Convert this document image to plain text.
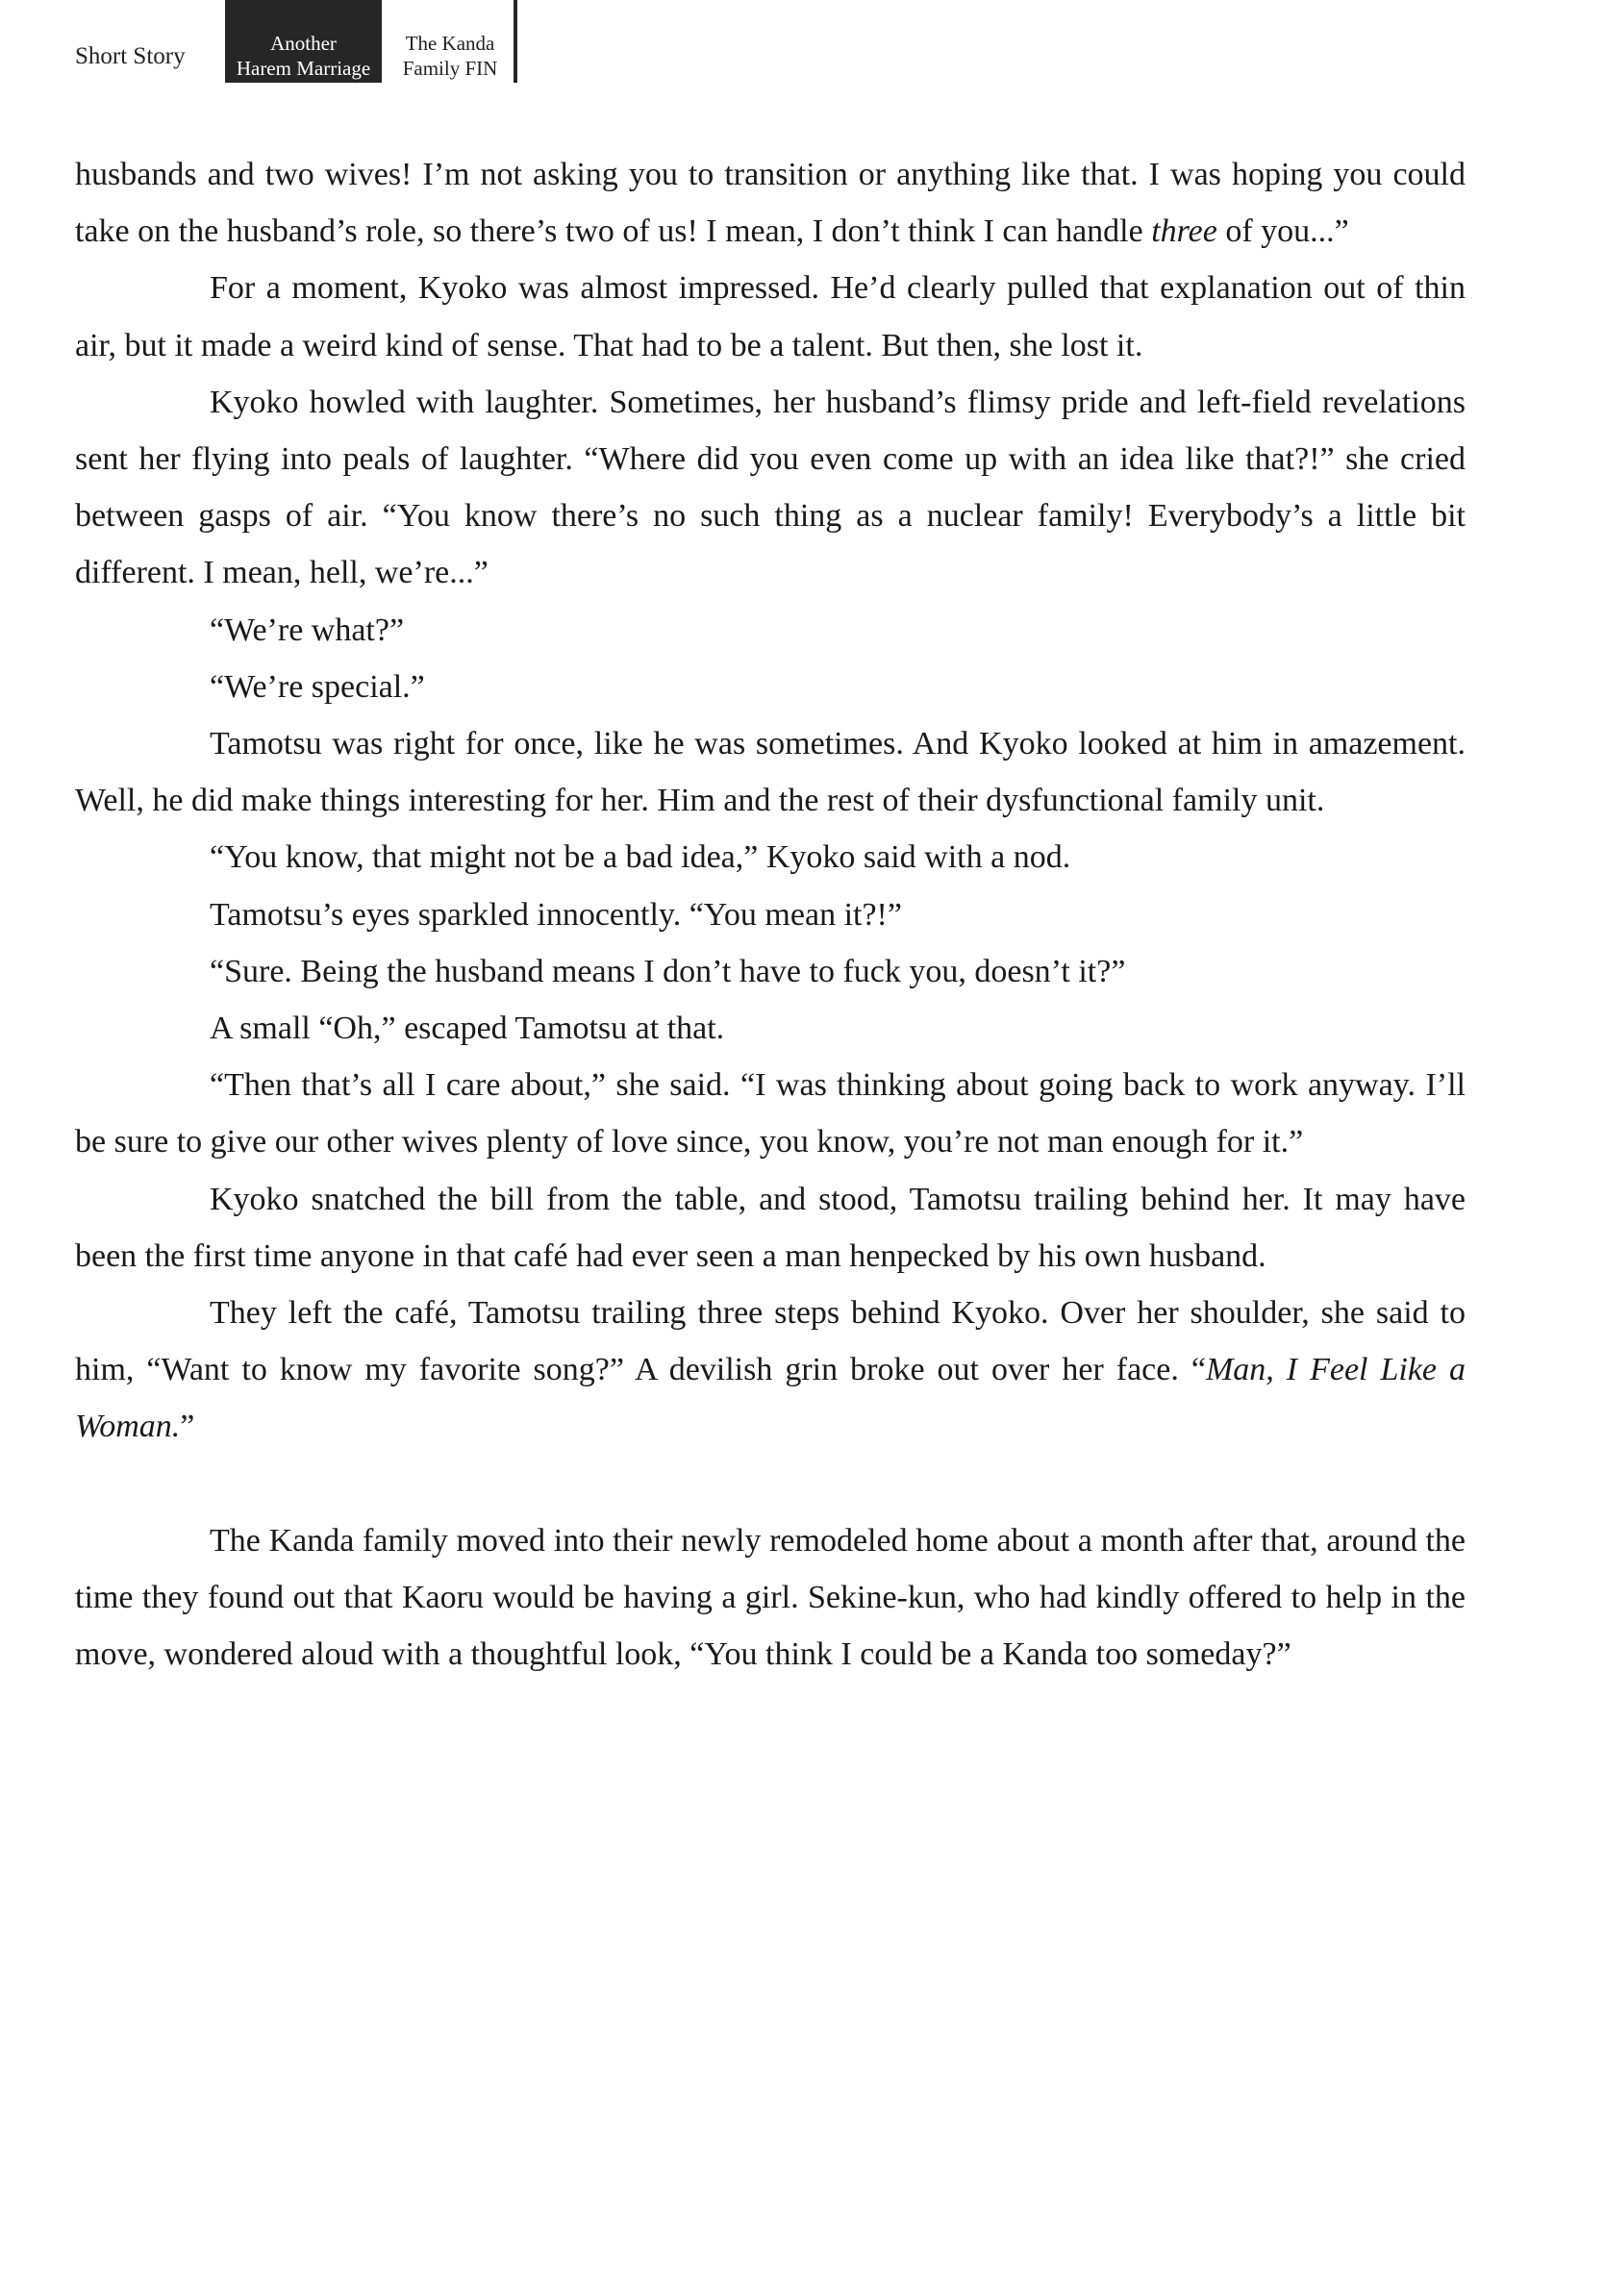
Short Story	Another
Harem Marriage
The Kanda
Family FIN

husbands and two wives! I’m not asking you to transition or anything like that. I was hoping you could take on the husband’s role, so there’s two of us! I mean, I don’t think I can handle three of you...”

For a moment, Kyoko was almost impressed. He’d clearly pulled that explanation out of thin air, but it made a weird kind of sense. That had to be a talent. But then, she lost it.

Kyoko howled with laughter. Sometimes, her husband’s flimsy pride and left-field revelations sent her flying into peals of laughter. “Where did you even come up with an idea like that?!” she cried between gasps of air. “You know there’s no such thing as a nuclear family! Everybody’s a little bit different. I mean, hell, we’re...”

“We’re what?”

“We’re special.”

Tamotsu was right for once, like he was sometimes. And Kyoko looked at him in amazement. Well, he did make things interesting for her. Him and the rest of their dysfunctional family unit.

“You know, that might not be a bad idea,” Kyoko said with a nod.

Tamotsu’s eyes sparkled innocently. “You mean it?!”

“Sure. Being the husband means I don’t have to fuck you, doesn’t it?”

A small “Oh,” escaped Tamotsu at that.

“Then that’s all I care about,” she said. “I was thinking about going back to work anyway. I’ll be sure to give our other wives plenty of love since, you know, you’re not man enough for it.”

Kyoko snatched the bill from the table, and stood, Tamotsu trailing behind her. It may have been the first time anyone in that café had ever seen a man henpecked by his own husband.

They left the café, Tamotsu trailing three steps behind Kyoko. Over her shoulder, she said to him, “Want to know my favorite song?” A devilish grin broke out over her face. “Man, I Feel Like a Woman.”

The Kanda family moved into their newly remodeled home about a month after that, around the time they found out that Kaoru would be having a girl. Sekine-kun, who had kindly offered to help in the move, wondered aloud with a thoughtful look, “You think I could be a Kanda too someday?”
